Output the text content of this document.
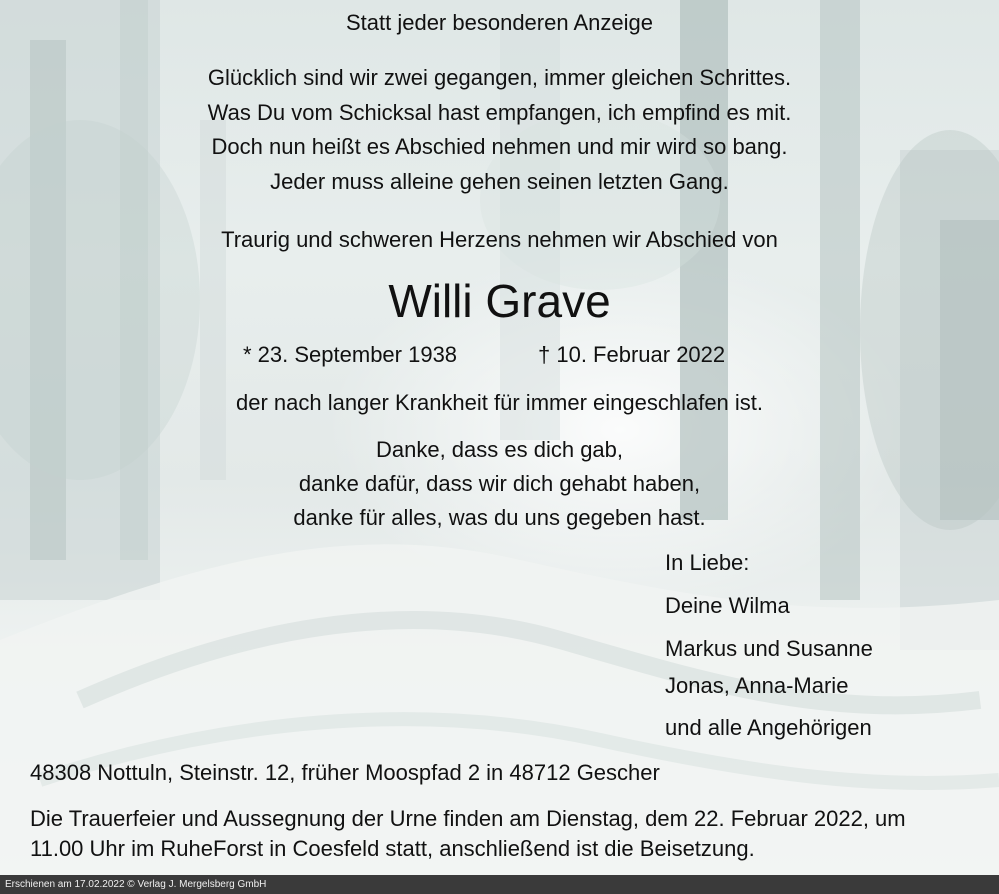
Statt jeder besonderen Anzeige
Glücklich sind wir zwei gegangen, immer gleichen Schrittes.
Was Du vom Schicksal hast empfangen, ich empfind es mit.
Doch nun heißt es Abschied nehmen und mir wird so bang.
Jeder muss alleine gehen seinen letzten Gang.
Traurig und schweren Herzens nehmen wir Abschied von
Willi Grave
* 23. September 1938	† 10. Februar 2022
der nach langer Krankheit für immer eingeschlafen ist.
Danke, dass es dich gab,
danke dafür, dass wir dich gehabt haben,
danke für alles, was du uns gegeben hast.
In Liebe:
Deine Wilma
Markus und Susanne
Jonas, Anna-Marie
und alle Angehörigen
48308 Nottuln, Steinstr. 12, früher Moospfad 2 in 48712 Gescher
Die Trauerfeier und Aussegnung der Urne finden am Dienstag, dem 22. Februar 2022, um
11.00 Uhr im RuheForst in Coesfeld statt, anschließend ist die Beisetzung.
Erschienen am 17.02.2022 © Verlag J. Mergelsberg GmbH
